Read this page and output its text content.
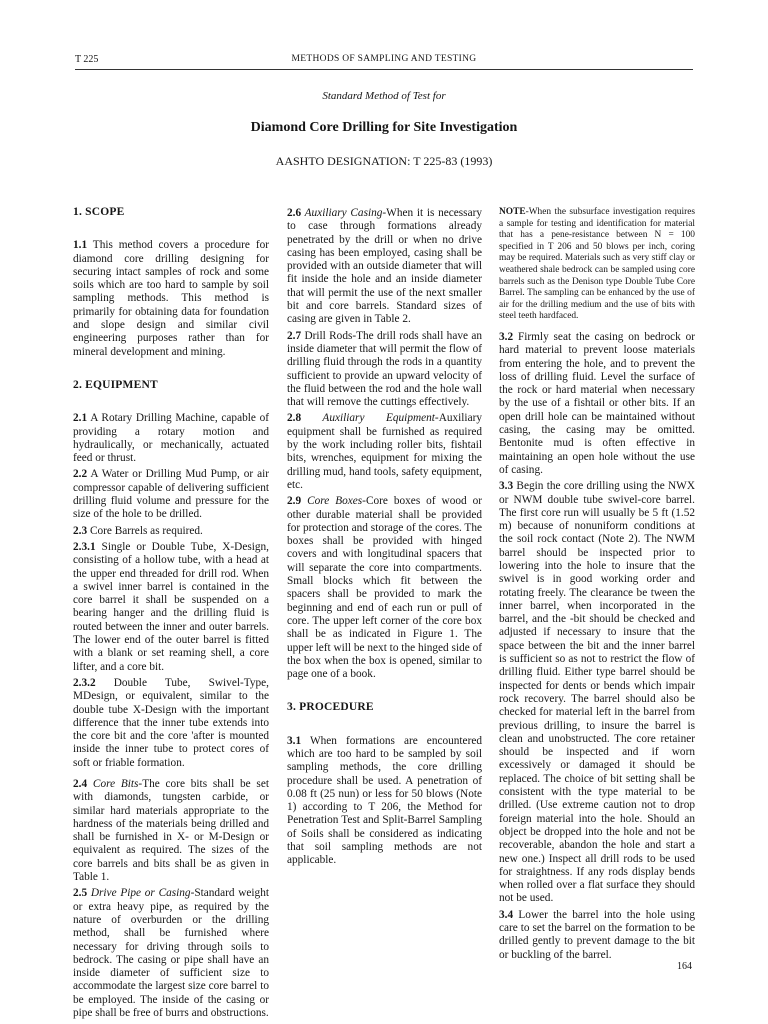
T 225	METHODS OF SAMPLING AND TESTING
Standard Method of Test for
Diamond Core Drilling for Site Investigation
AASHTO DESIGNATION: T 225-83 (1993)
1. SCOPE

1.1 This method covers a procedure for diamond core drilling designing for securing intact samples of rock and some soils which are too hard to sample by soil sampling methods. This method is primarily for obtaining data for foundation and slope design and similar civil engineering purposes rather than for mineral development and mining.

2. EQUIPMENT

2.1 A Rotary Drilling Machine, capable of providing a rotary motion and hydraulically, or mechanically, actuated feed or thrust.

2.2 A Water or Drilling Mud Pump, or air compressor capable of delivering sufficient drilling fluid volume and pressure for the size of the hole to be drilled.

2.3 Core Barrels as required.

2.3.1 Single or Double Tube, X-Design, consisting of a hollow tube, with a head at the upper end threaded for drill rod. When a swivel inner barrel is contained in the core barrel it shall be suspended on a bearing hanger and the drilling fluid is routed between the inner and outer barrels. The lower end of the outer barrel is fitted with a blank or set reaming shell, a core lifter, and a core bit.

2.3.2 Double Tube, Swivel-Type, MDesign, or equivalent, similar to the double tube X-Design with the important difference that the inner tube extends into the core bit and the core 'after is mounted inside the inner tube to protect cores of soft or friable formation.

2.4 Core Bits-The core bits shall be set with diamonds, tungsten carbide, or similar hard materials appropriate to the hardness of the materials being drilled and shall be furnished in X- or M-Design or equivalent as required. The sizes of the core barrels and bits shall be as given in Table 1.

2.5 Drive Pipe or Casing-Standard weight or extra heavy pipe, as required by the nature of overburden or the drilling method, shall be furnished where necessary for driving through soils to bedrock. The casing or pipe shall have an inside diameter of sufficient size to accommodate the largest size core barrel to be employed. The inside of the casing or pipe shall be free of burrs and obstructions.

2.6 Auxiliary Casing-When it is necessary to case through formations already penetrated by the drill or when no drive casing has been employed, casing shall be provided with an outside diameter that will fit inside the hole and an inside diameter that will permit the use of the next smaller bit and core barrels. Standard sizes of casing are given in Table 2.

2.7 Drill Rods-The drill rods shall have an inside diameter that will permit the flow of drilling fluid through the rods in a quantity sufficient to provide an upward velocity of the fluid between the rod and the hole wall that will remove the cuttings effectively.

2.8 Auxiliary Equipment-Auxiliary equipment shall be furnished as required by the work including roller bits, fishtail bits, wrenches, equipment for mixing the drilling mud, hand tools, safety equipment, etc.

2.9 Core Boxes-Core boxes of wood or other durable material shall be provided for protection and storage of the cores. The boxes shall be provided with hinged covers and with longitudinal spacers that will separate the core into compartments. Small blocks which fit between the spacers shall be provided to mark the beginning and end of each run or pull of core. The upper left corner of the core box shall be as indicated in Figure 1. The upper left will be next to the hinged side of the box when the box is opened, similar to page one of a book.

3. PROCEDURE

3.1 When formations are encountered which are too hard to be sampled by soil sampling methods, the core drilling procedure shall be used. A penetration of 0.08 ft (25 nun) or less for 50 blows (Note 1) according to T 206, the Method for Penetration Test and Split-Barrel Sampling of Soils shall be considered as indicating that soil sampling methods are not applicable.

NOTE-When the subsurface investigation requires a sample for testing and identification for material that has a pene-resistance between N = 100 specified in T 206 and 50 blows per inch, coring may be required. Materials such as very stiff clay or weathered shale bedrock can be sampled using core barrels such as the Denison type Double Tube Core Barrel. The sampling can be enhanced by the use of air for the drilling medium and the use of bits with steel teeth hardfaced.

3.2 Firmly seat the casing on bedrock or hard material to prevent loose materials from entering the hole, and to prevent the loss of drilling fluid. Level the surface of the rock or hard material when necessary by the use of a fishtail or other bits. If an open drill hole can be maintained without casing, the casing may be omitted. Bentonite mud is often effective in maintaining an open hole without the use of casing.

3.3 Begin the core drilling using the NWX or NWM double tube swivel-core barrel. The first core run will usually be 5 ft (1.52 m) because of nonuniform conditions at the soil rock contact (Note 2). The NWM barrel should be inspected prior to lowering into the hole to insure that the swivel is in good working order and rotating freely. The clearance be tween the inner barrel, when incorporated in the barrel, and the -bit should be checked and adjusted if necessary to insure that the space between the bit and the inner barrel is sufficient so as not to restrict the flow of drilling fluid. Either type barrel should be inspected for dents or bends which impair rock recovery. The barrel should also be checked for material left in the barrel from previous drilling, to insure the barrel is clean and unobstructed. The core retainer should be inspected and if worn excessively or damaged it should be replaced. The choice of bit setting shall be consistent with the type material to be drilled. (Use extreme caution not to drop foreign material into the hole. Should an object be dropped into the hole and not be recoverable, abandon the hole and start a new one.) Inspect all drill rods to be used for straightness. If any rods display bends when rolled over a flat surface they should not be used.

3.4 Lower the barrel into the hole using care to set the barrel on the formation to be drilled gently to prevent damage to the bit or buckling of the barrel.

164
